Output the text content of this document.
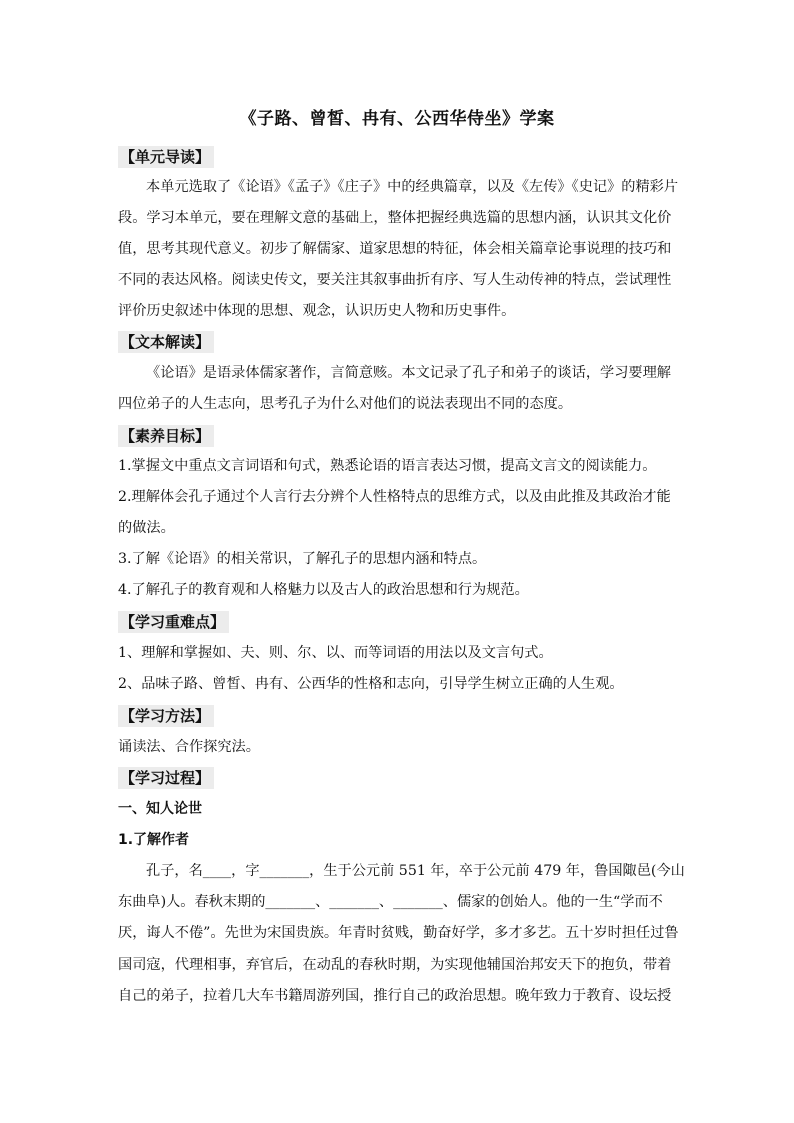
《子路、曾皙、冉有、公西华侍坐》学案
【单元导读】
本单元选取了《论语》《孟子》《庄子》中的经典篇章，以及《左传》《史记》的精彩片
段。学习本单元，要在理解文意的基础上，整体把握经典选篇的思想内涵，认识其文化价
值，思考其现代意义。初步了解儒家、道家思想的特征，体会相关篇章论事说理的技巧和
不同的表达风格。阅读史传文，要关注其叙事曲折有序、写人生动传神的特点，尝试理性
评价历史叙述中体现的思想、观念，认识历史人物和历史事件。
【文本解读】
《论语》是语录体儒家著作，言简意赅。本文记录了孔子和弟子的谈话，学习要理解
四位弟子的人生志向，思考孔子为什么对他们的说法表现出不同的态度。
【素养目标】
1.掌握文中重点文言词语和句式，熟悉论语的语言表达习惯，提高文言文的阅读能力。
2.理解体会孔子通过个人言行去分辨个人性格特点的思维方式，以及由此推及其政治才能
的做法。
3.了解《论语》的相关常识，了解孔子的思想内涵和特点。
4.了解孔子的教育观和人格魅力以及古人的政治思想和行为规范。
【学习重难点】
1、理解和掌握如、夫、则、尔、以、而等词语的用法以及文言句式。
2、品味子路、曾皙、冉有、公西华的性格和志向，引导学生树立正确的人生观。
【学习方法】
诵读法、合作探究法。
【学习过程】
一、知人论世
1.了解作者
孔子，名____，字_______，生于公元前 551 年，卒于公元前 479 年，鲁国陬邑(今山
东曲阜)人。春秋末期的_______、_______、_______、儒家的创始人。他的一生“学而不
厌，诲人不倦”。先世为宋国贵族。年青时贫贱，勤奋好学，多才多艺。五十岁时担任过鲁
国司寇，代理相事，弃官后，在动乱的春秋时期，为实现他辅国治邦安天下的抱负，带着
自己的弟子，拉着几大车书籍周游列国，推行自己的政治思想。晚年致力于教育、设坛授
